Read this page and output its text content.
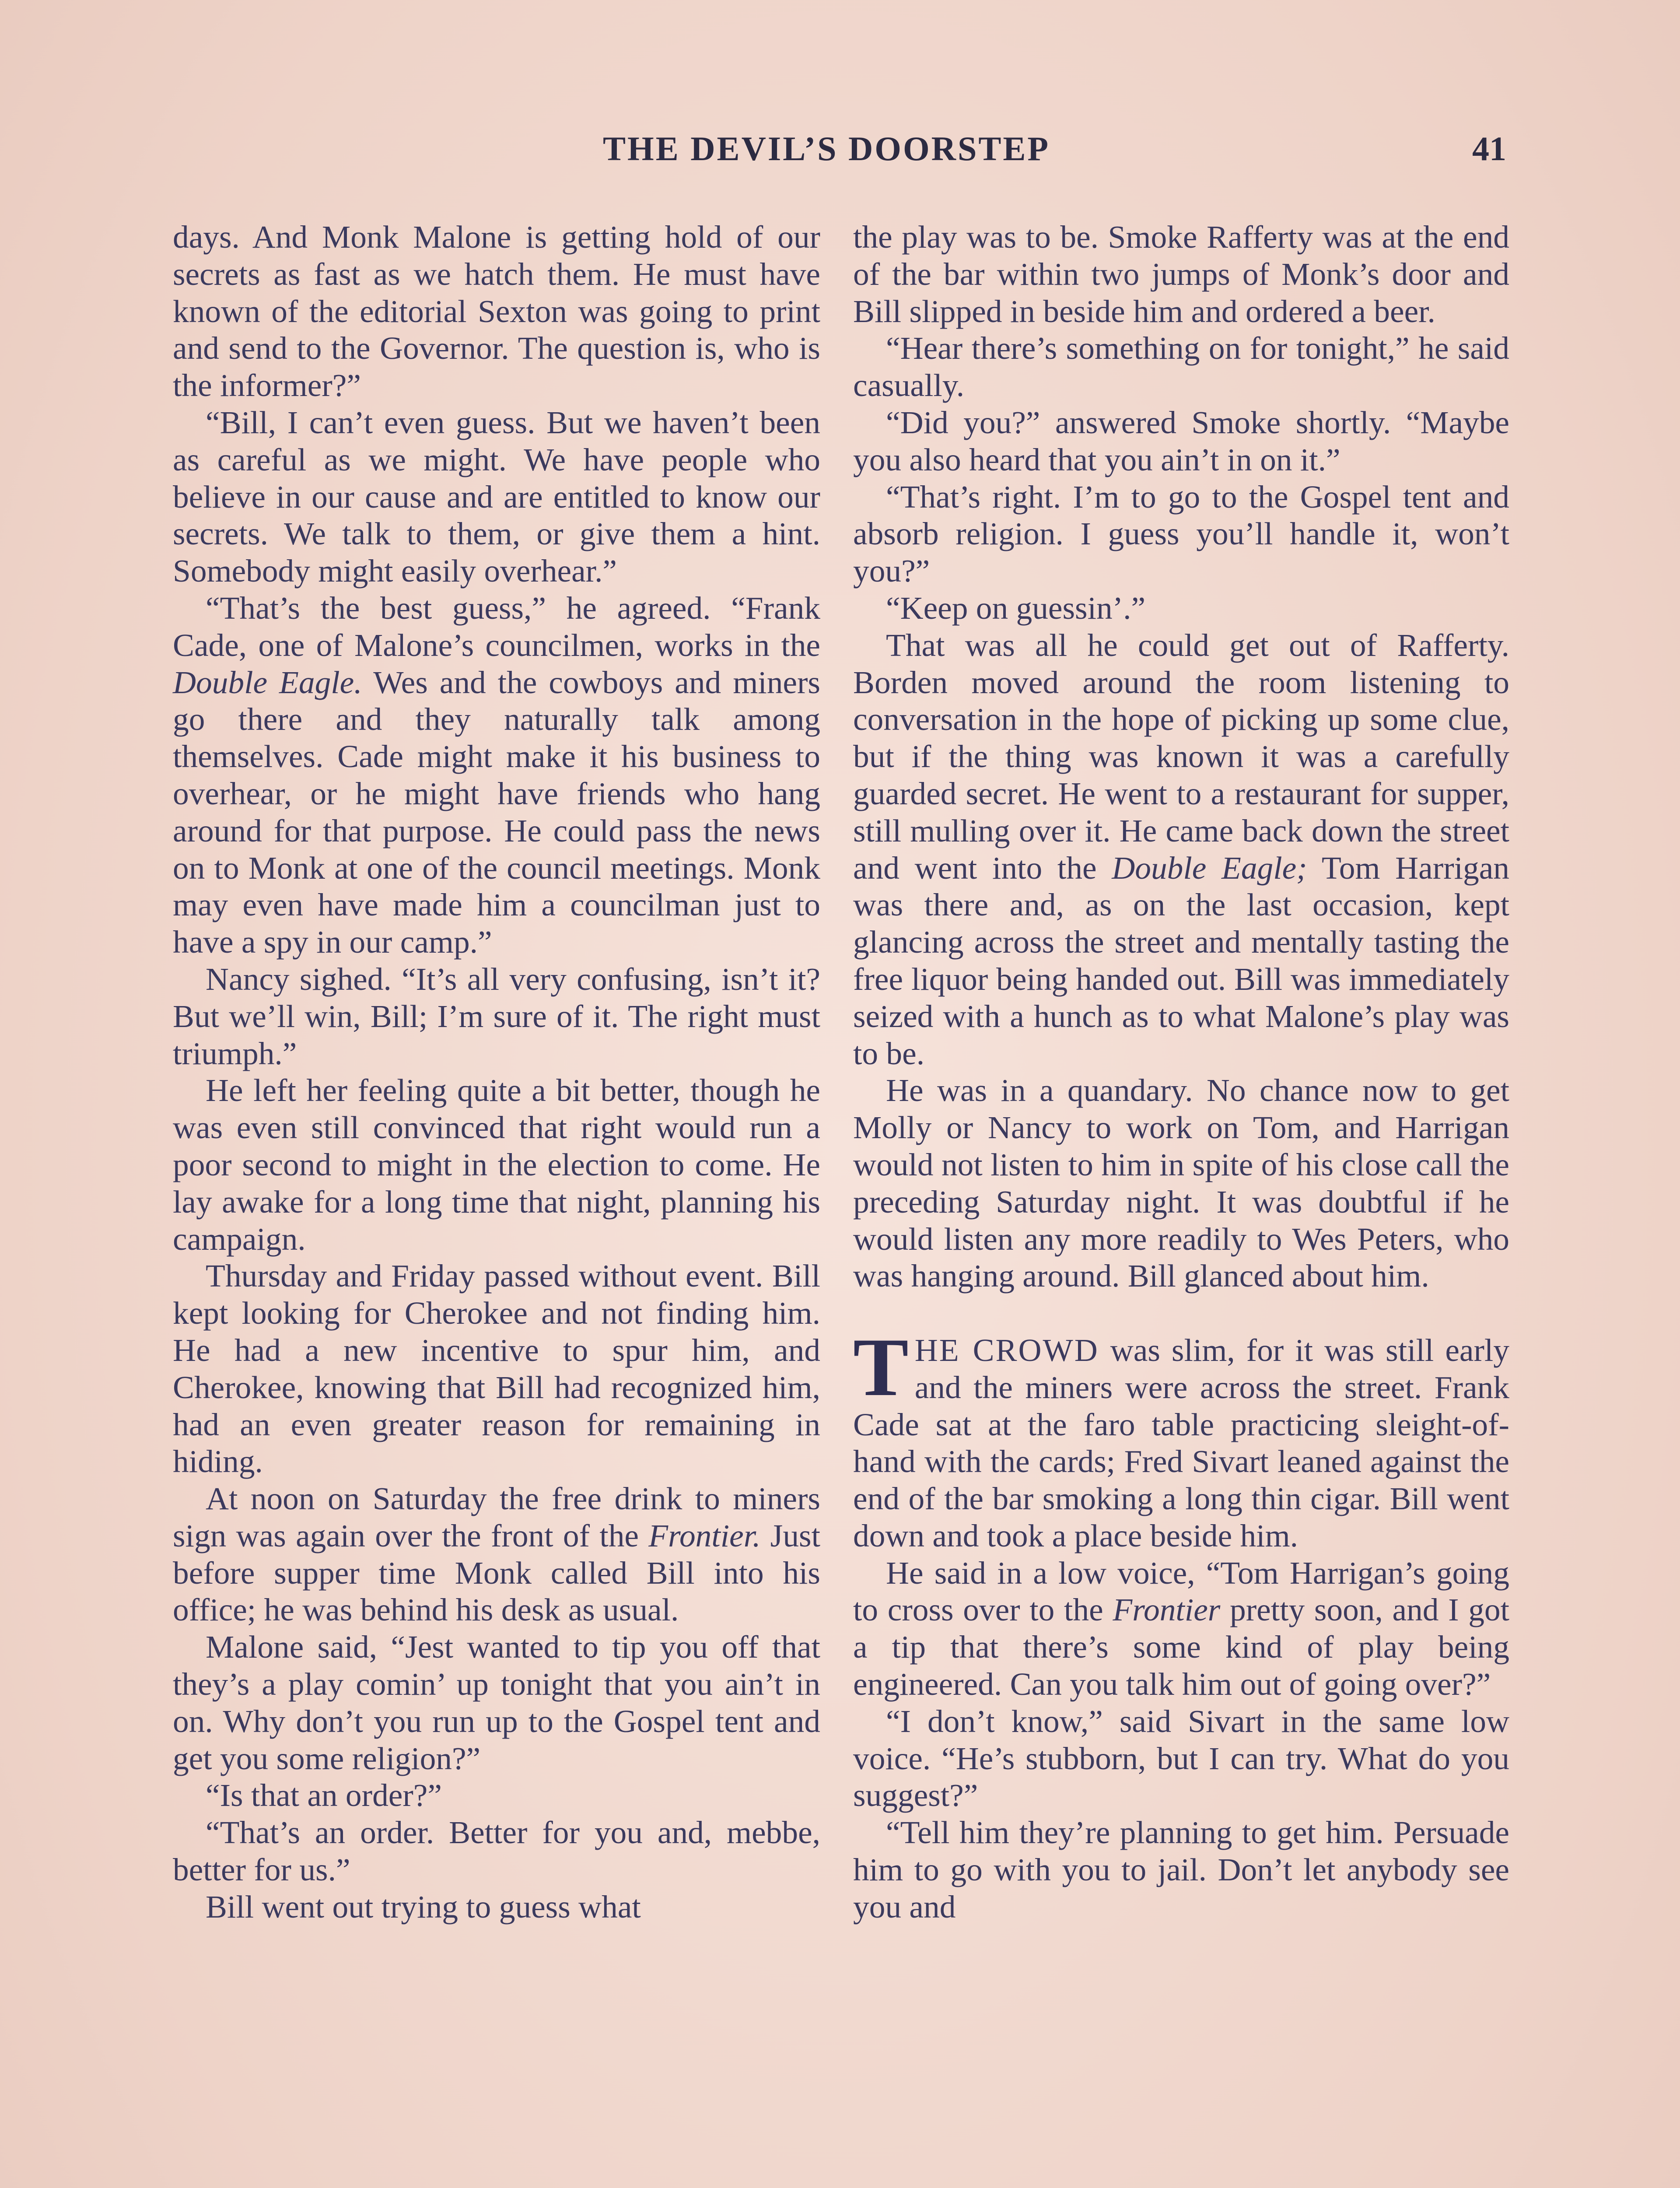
THE DEVIL’S DOORSTEP	41

days. And Monk Malone is getting hold of our secrets as fast as we hatch them. He must have known of the editorial Sexton was going to print and send to the Governor. The question is, who is the informer?”

“Bill, I can’t even guess. But we haven’t been as careful as we might. We have people who believe in our cause and are entitled to know our secrets. We talk to them, or give them a hint. Somebody might easily overhear.”

“That’s the best guess,” he agreed. “Frank Cade, one of Malone’s councilmen, works in the Double Eagle. Wes and the cowboys and miners go there and they naturally talk among themselves. Cade might make it his business to overhear, or he might have friends who hang around for that purpose. He could pass the news on to Monk at one of the council meetings. Monk may even have made him a councilman just to have a spy in our camp.”

Nancy sighed. “It’s all very confusing, isn’t it? But we’ll win, Bill; I’m sure of it. The right must triumph.”

He left her feeling quite a bit better, though he was even still convinced that right would run a poor second to might in the election to come. He lay awake for a long time that night, planning his campaign.

Thursday and Friday passed without event. Bill kept looking for Cherokee and not finding him. He had a new incentive to spur him, and Cherokee, knowing that Bill had recognized him, had an even greater reason for remaining in hiding.

At noon on Saturday the free drink to miners sign was again over the front of the Frontier. Just before supper time Monk called Bill into his office; he was behind his desk as usual.

Malone said, “Jest wanted to tip you off that they’s a play comin’ up tonight that you ain’t in on. Why don’t you run up to the Gospel tent and get you some religion?”

“Is that an order?”

“That’s an order. Better for you and, mebbe, better for us.”

Bill went out trying to guess what

the play was to be. Smoke Rafferty was at the end of the bar within two jumps of Monk’s door and Bill slipped in beside him and ordered a beer.

“Hear there’s something on for tonight,” he said casually.

“Did you?” answered Smoke shortly. “Maybe you also heard that you ain’t in on it.”

“That’s right. I’m to go to the Gospel tent and absorb religion. I guess you’ll handle it, won’t you?”

“Keep on guessin’.”

That was all he could get out of Rafferty. Borden moved around the room listening to conversation in the hope of picking up some clue, but if the thing was known it was a carefully guarded secret. He went to a restaurant for supper, still mulling over it. He came back down the street and went into the Double Eagle; Tom Harrigan was there and, as on the last occasion, kept glancing across the street and mentally tasting the free liquor being handed out. Bill was immediately seized with a hunch as to what Malone’s play was to be.

He was in a quandary. No chance now to get Molly or Nancy to work on Tom, and Harrigan would not listen to him in spite of his close call the preceding Saturday night. It was doubtful if he would listen any more readily to Wes Peters, who was hanging around. Bill glanced about him.

THE CROWD was slim, for it was still early and the miners were across the street. Frank Cade sat at the faro table practicing sleight-of-hand with the cards; Fred Sivart leaned against the end of the bar smoking a long thin cigar. Bill went down and took a place beside him.

He said in a low voice, “Tom Harrigan’s going to cross over to the Frontier pretty soon, and I got a tip that there’s some kind of play being engineered. Can you talk him out of going over?”

“I don’t know,” said Sivart in the same low voice. “He’s stubborn, but I can try. What do you suggest?”

“Tell him they’re planning to get him. Persuade him to go with you to jail. Don’t let anybody see you and
